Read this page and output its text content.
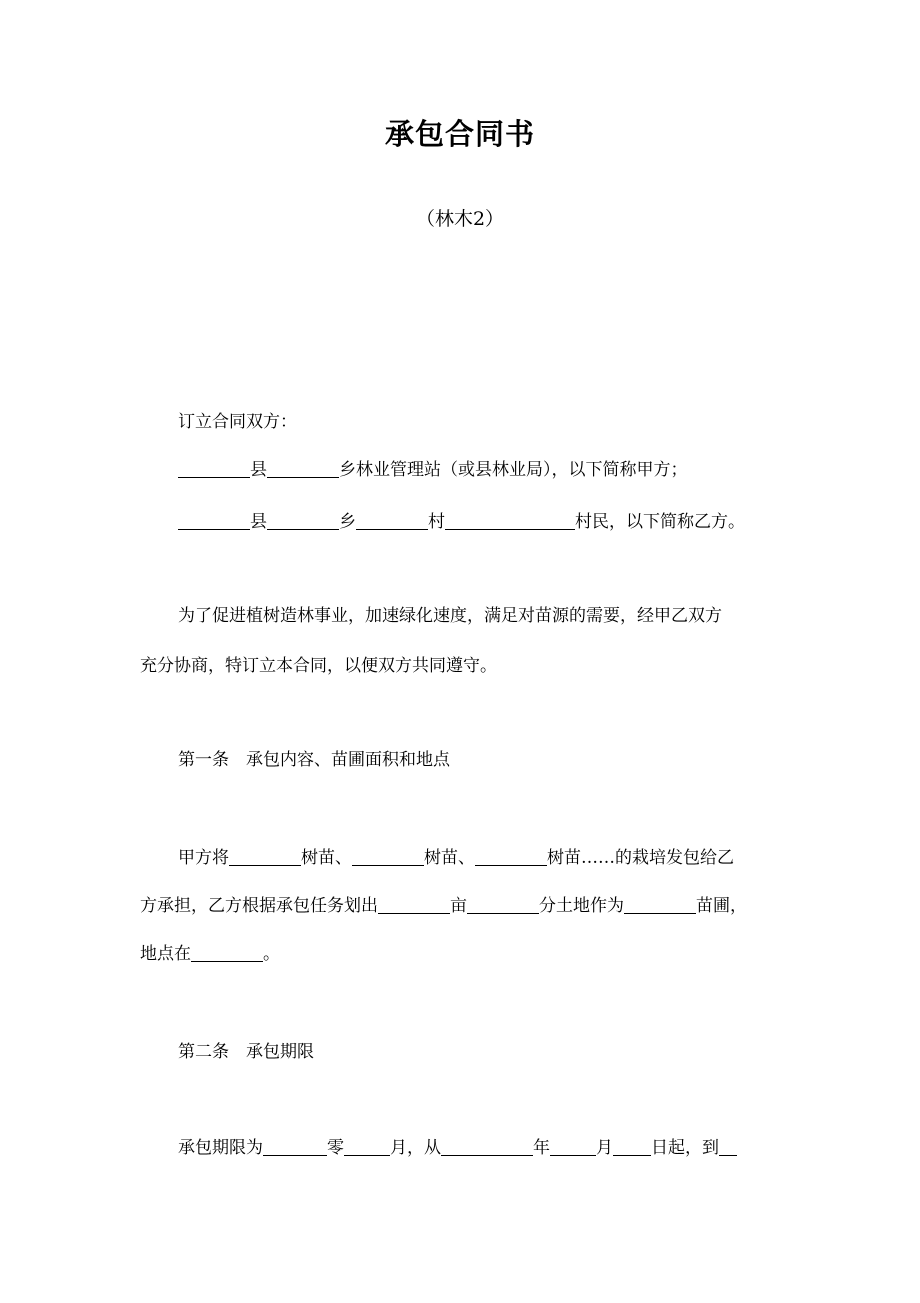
承包合同书
（林木2）
订立合同双方：
县	乡林业管理站（或县林业局），以下简称甲方；
县	乡	村	村民，以下简称乙方。
为了促进植树造林事业，加速绿化速度，满足对苗源的需要，经甲乙双方
充分协商，特订立本合同，以便双方共同遵守。
第一条　承包内容、苗圃面积和地点
甲方将	树苗、	树苗、	树苗……的栽培发包给乙
方承担，乙方根据承包任务划出	亩	分土地作为	苗圃，
地点在	。
第二条　承包期限
承包期限为	零	月，从	年	月 日起，到
